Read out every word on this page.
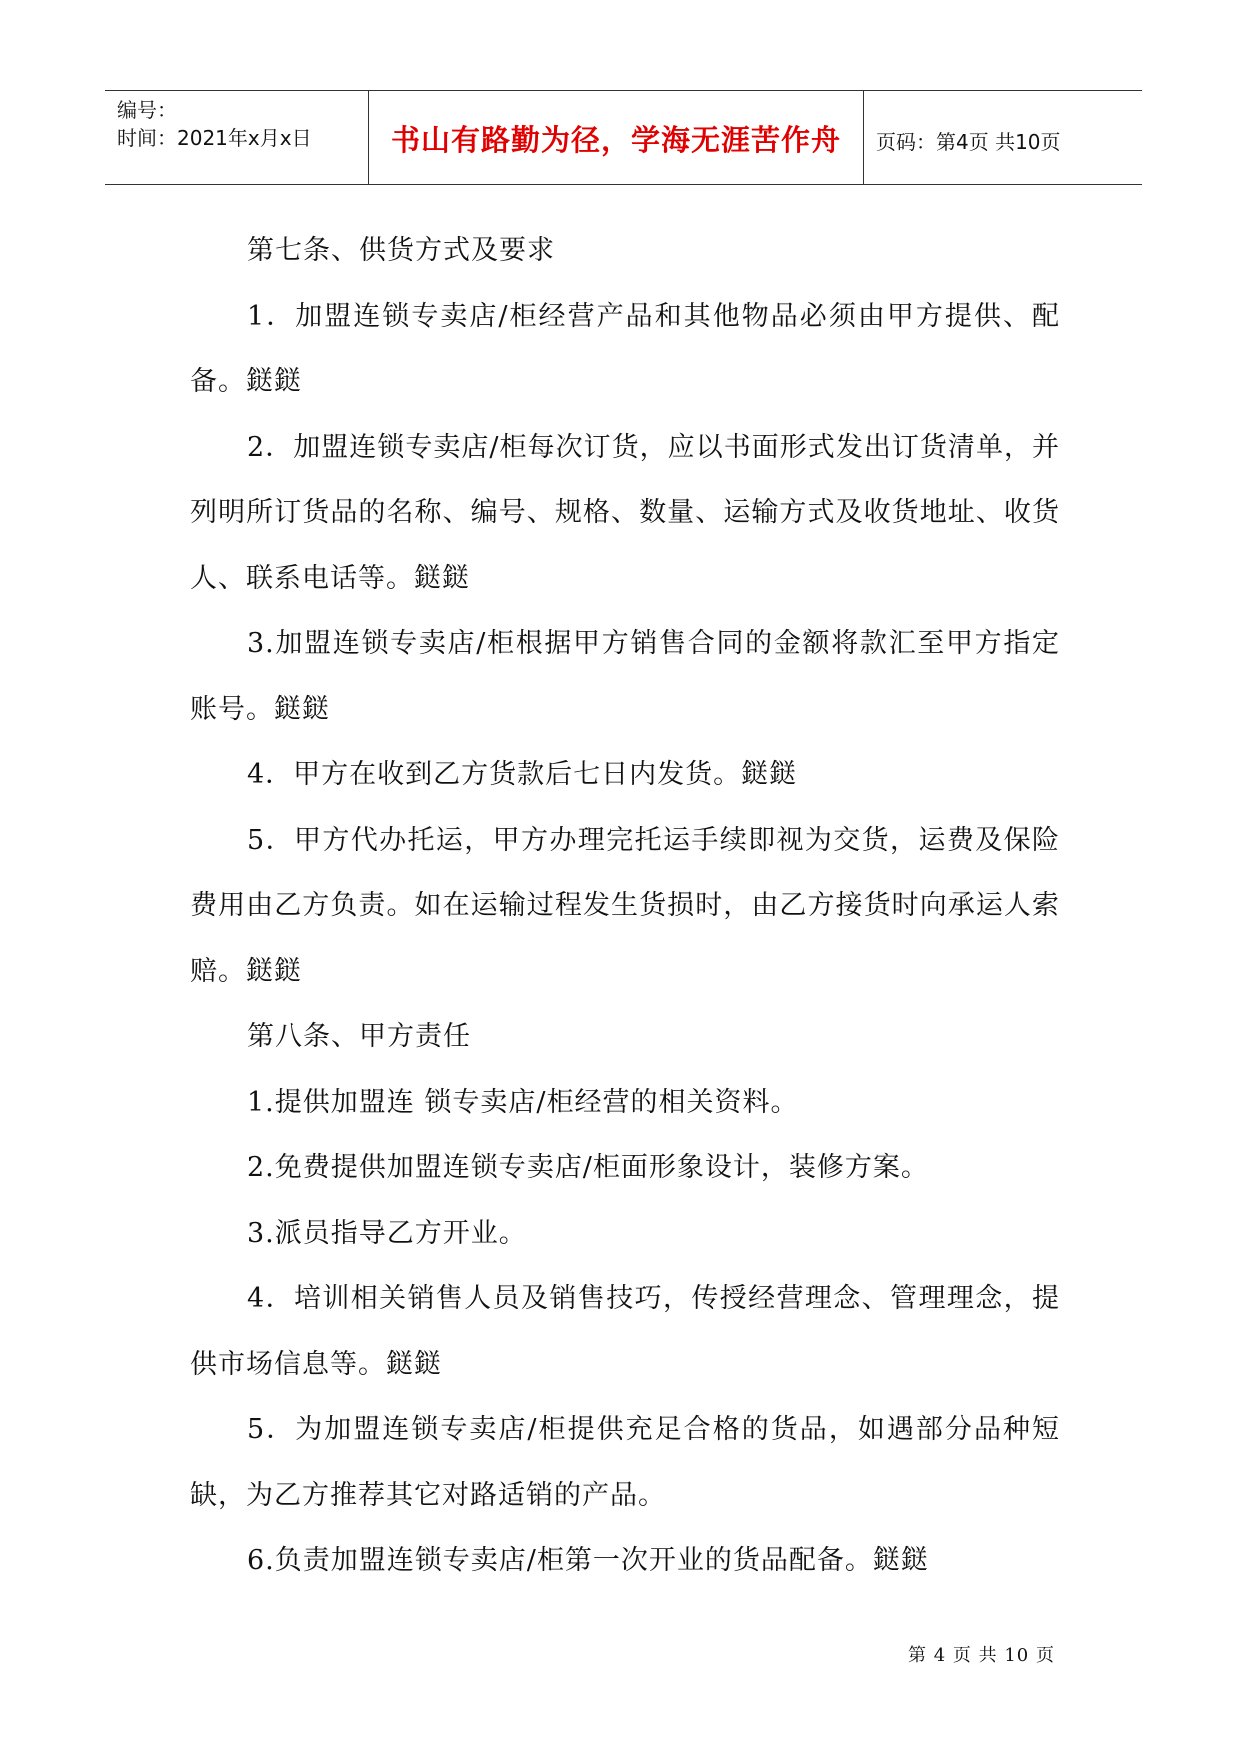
编号：
时间：2021年x月x日	书山有路勤为径，学海无涯苦作舟	页码：第4页 共10页

第七条、供货方式及要求

1．加盟连锁专卖店/柜经营产品和其他物品必须由甲方提供、配备。鎹鎹

2．加盟连锁专卖店/柜每次订货，应以书面形式发出订货清单，并列明所订货品的名称、编号、规格、数量、运输方式及收货地址、收货人、联系电话等。鎹鎹

3.加盟连锁专卖店/柜根据甲方销售合同的金额将款汇至甲方指定账号。鎹鎹

4．甲方在收到乙方货款后七日内发货。鎹鎹

5．甲方代办托运，甲方办理完托运手续即视为交货，运费及保险费用由乙方负责。如在运输过程发生货损时，由乙方接货时向承运人索赔。鎹鎹

第八条、甲方责任

1.提供加盟连 锁专卖店/柜经营的相关资料。

2.免费提供加盟连锁专卖店/柜面形象设计，装修方案。

3.派员指导乙方开业。

4．培训相关销售人员及销售技巧，传授经营理念、管理理念，提供市场信息等。鎹鎹

5．为加盟连锁专卖店/柜提供充足合格的货品，如遇部分品种短缺，为乙方推荐其它对路适销的产品。

6.负责加盟连锁专卖店/柜第一次开业的货品配备。鎹鎹

第 4 页 共 10 页
